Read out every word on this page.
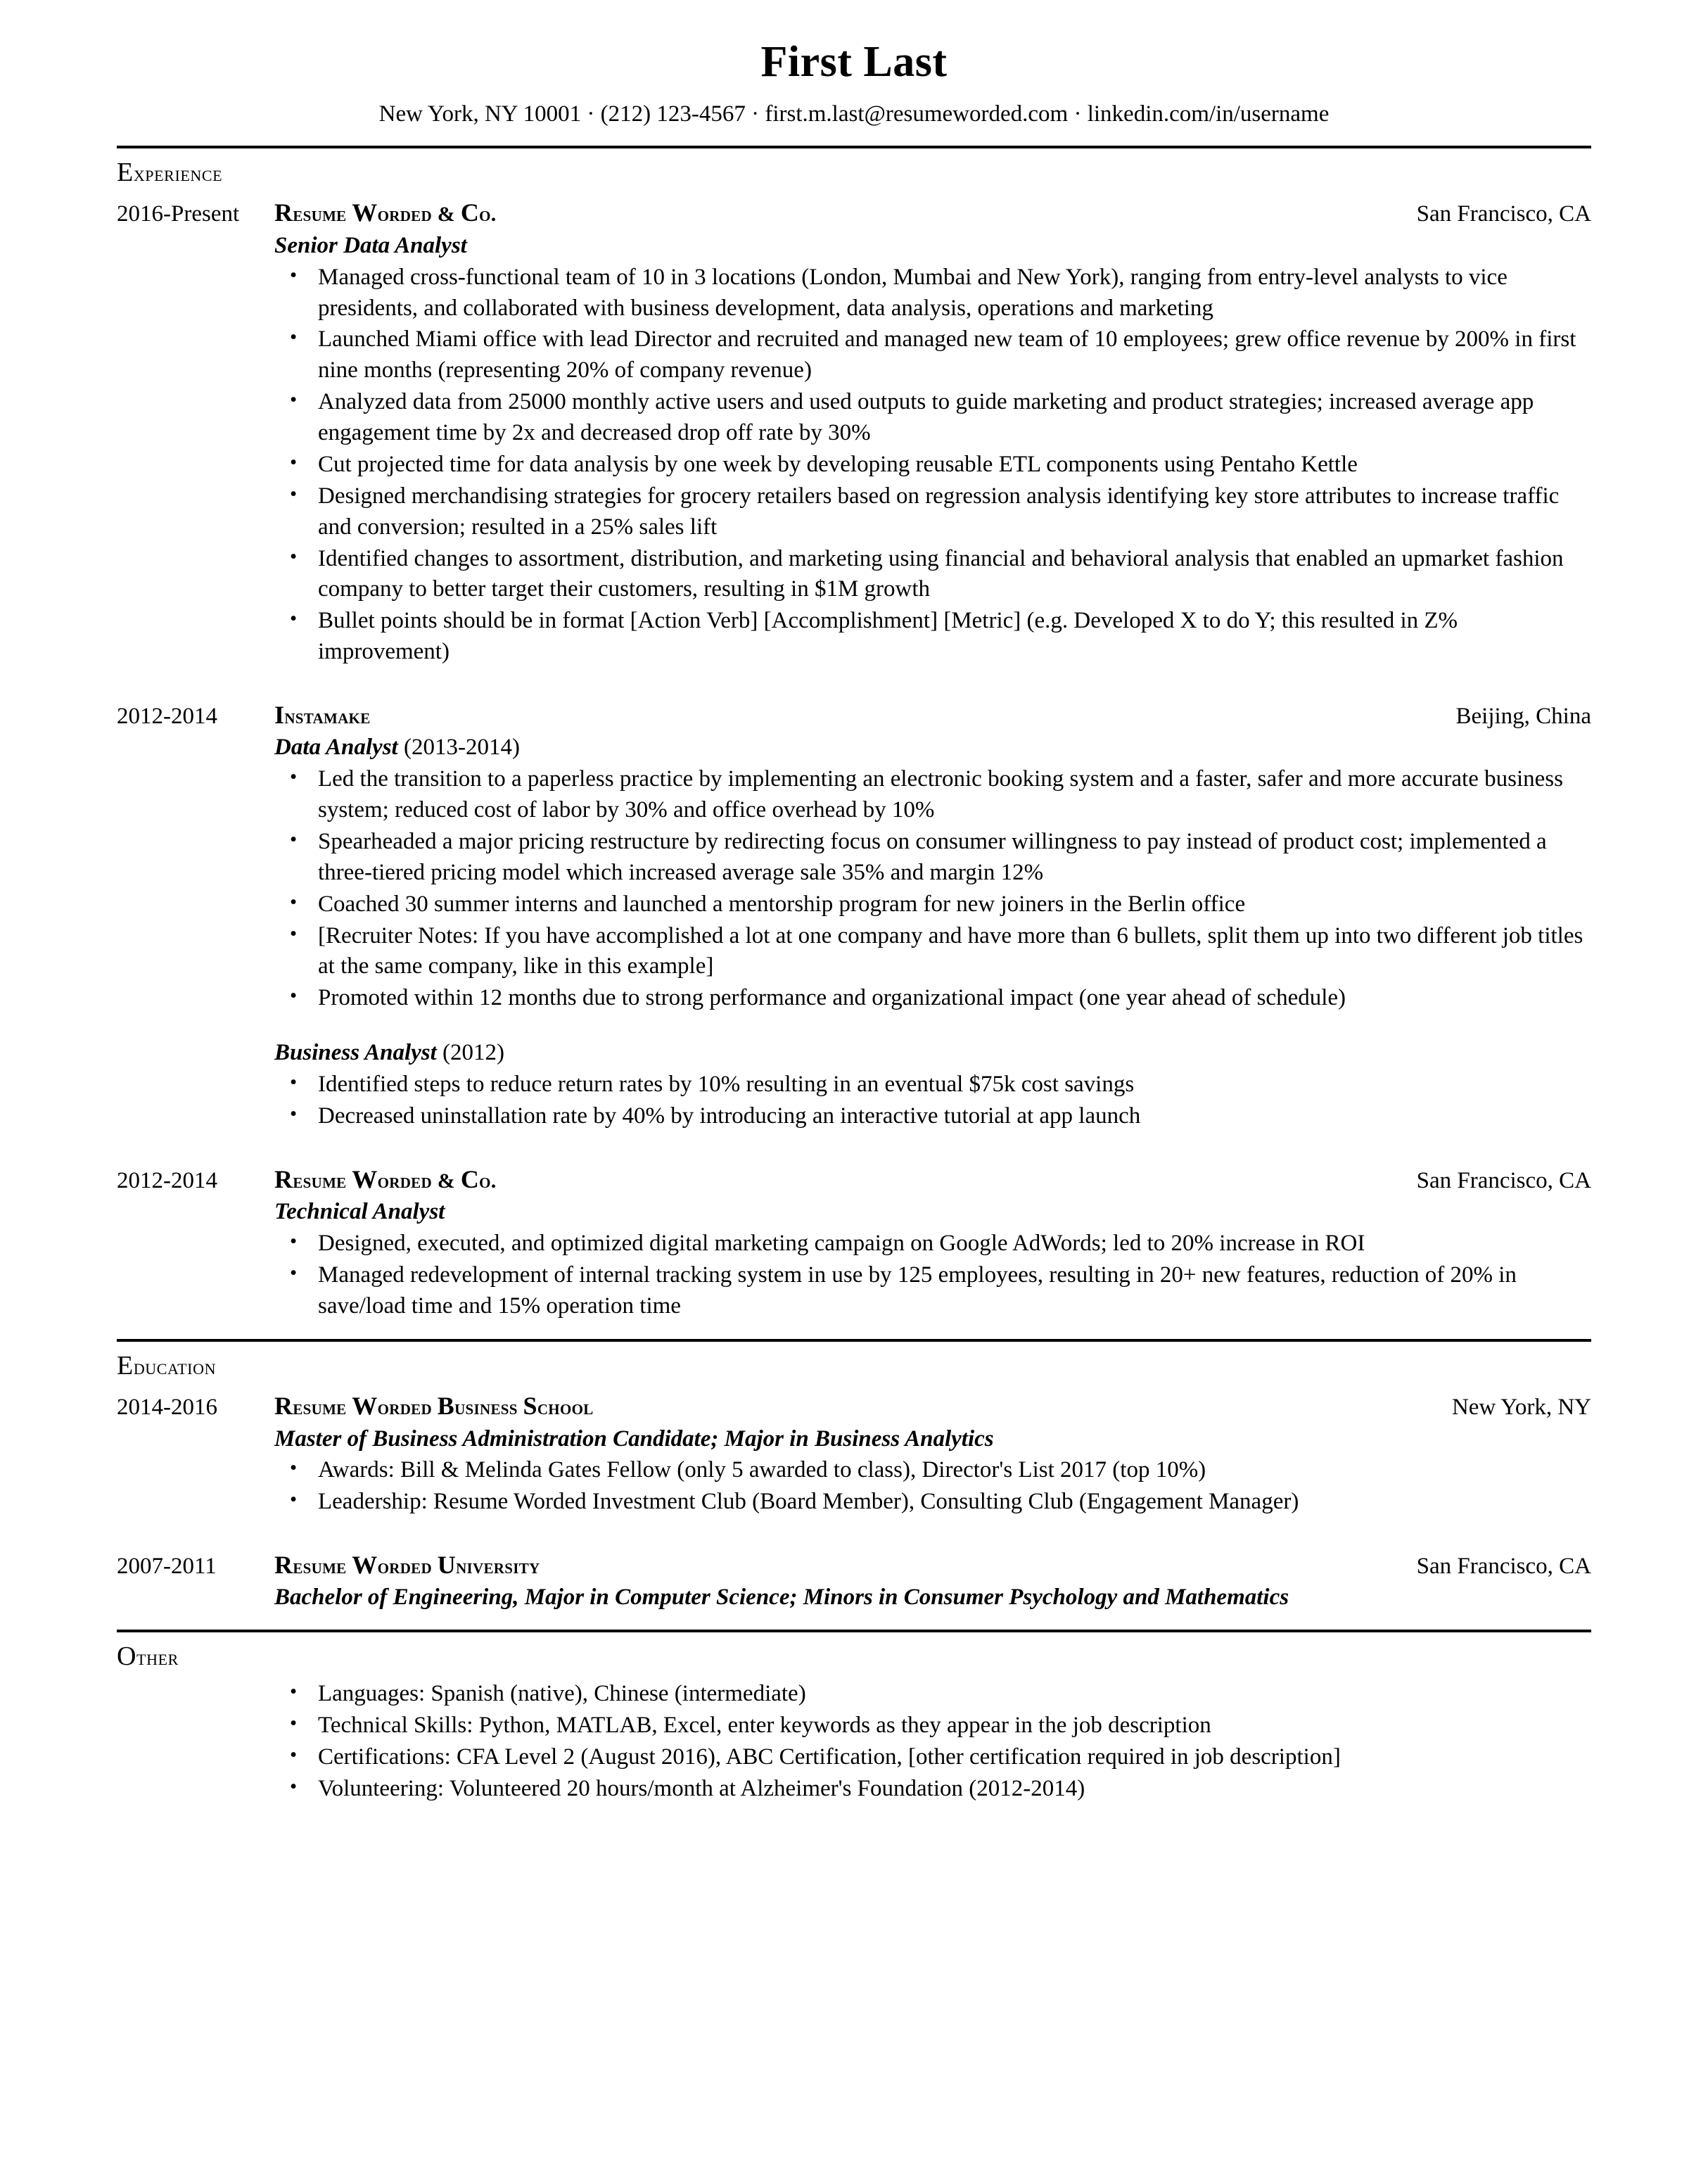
First Last
New York, NY 10001 · (212) 123-4567 · first.m.last@resumeworded.com · linkedin.com/in/username
Experience
2016-Present	Resume Worded & Co.	San Francisco, CA
Senior Data Analyst
• Managed cross-functional team of 10 in 3 locations (London, Mumbai and New York), ranging from entry-level analysts to vice presidents, and collaborated with business development, data analysis, operations and marketing
• Launched Miami office with lead Director and recruited and managed new team of 10 employees; grew office revenue by 200% in first nine months (representing 20% of company revenue)
• Analyzed data from 25000 monthly active users and used outputs to guide marketing and product strategies; increased average app engagement time by 2x and decreased drop off rate by 30%
• Cut projected time for data analysis by one week by developing reusable ETL components using Pentaho Kettle
• Designed merchandising strategies for grocery retailers based on regression analysis identifying key store attributes to increase traffic and conversion; resulted in a 25% sales lift
• Identified changes to assortment, distribution, and marketing using financial and behavioral analysis that enabled an upmarket fashion company to better target their customers, resulting in $1M growth
• Bullet points should be in format [Action Verb] [Accomplishment] [Metric] (e.g. Developed X to do Y; this resulted in Z% improvement)
2012-2014	Instamake	Beijing, China
Data Analyst (2013-2014)
• Led the transition to a paperless practice by implementing an electronic booking system and a faster, safer and more accurate business system; reduced cost of labor by 30% and office overhead by 10%
• Spearheaded a major pricing restructure by redirecting focus on consumer willingness to pay instead of product cost; implemented a three-tiered pricing model which increased average sale 35% and margin 12%
• Coached 30 summer interns and launched a mentorship program for new joiners in the Berlin office
• [Recruiter Notes: If you have accomplished a lot at one company and have more than 6 bullets, split them up into two different job titles at the same company, like in this example]
• Promoted within 12 months due to strong performance and organizational impact (one year ahead of schedule)
Business Analyst (2012)
• Identified steps to reduce return rates by 10% resulting in an eventual $75k cost savings
• Decreased uninstallation rate by 40% by introducing an interactive tutorial at app launch
2012-2014	Resume Worded & Co.	San Francisco, CA
Technical Analyst
• Designed, executed, and optimized digital marketing campaign on Google AdWords; led to 20% increase in ROI
• Managed redevelopment of internal tracking system in use by 125 employees, resulting in 20+ new features, reduction of 20% in save/load time and 15% operation time
Education
2014-2016	Resume Worded Business School	New York, NY
Master of Business Administration Candidate; Major in Business Analytics
• Awards: Bill & Melinda Gates Fellow (only 5 awarded to class), Director's List 2017 (top 10%)
• Leadership: Resume Worded Investment Club (Board Member), Consulting Club (Engagement Manager)
2007-2011	Resume Worded University	San Francisco, CA
Bachelor of Engineering, Major in Computer Science; Minors in Consumer Psychology and Mathematics
Other
• Languages: Spanish (native), Chinese (intermediate)
• Technical Skills: Python, MATLAB, Excel, enter keywords as they appear in the job description
• Certifications: CFA Level 2 (August 2016), ABC Certification, [other certification required in job description]
• Volunteering: Volunteered 20 hours/month at Alzheimer's Foundation (2012-2014)
